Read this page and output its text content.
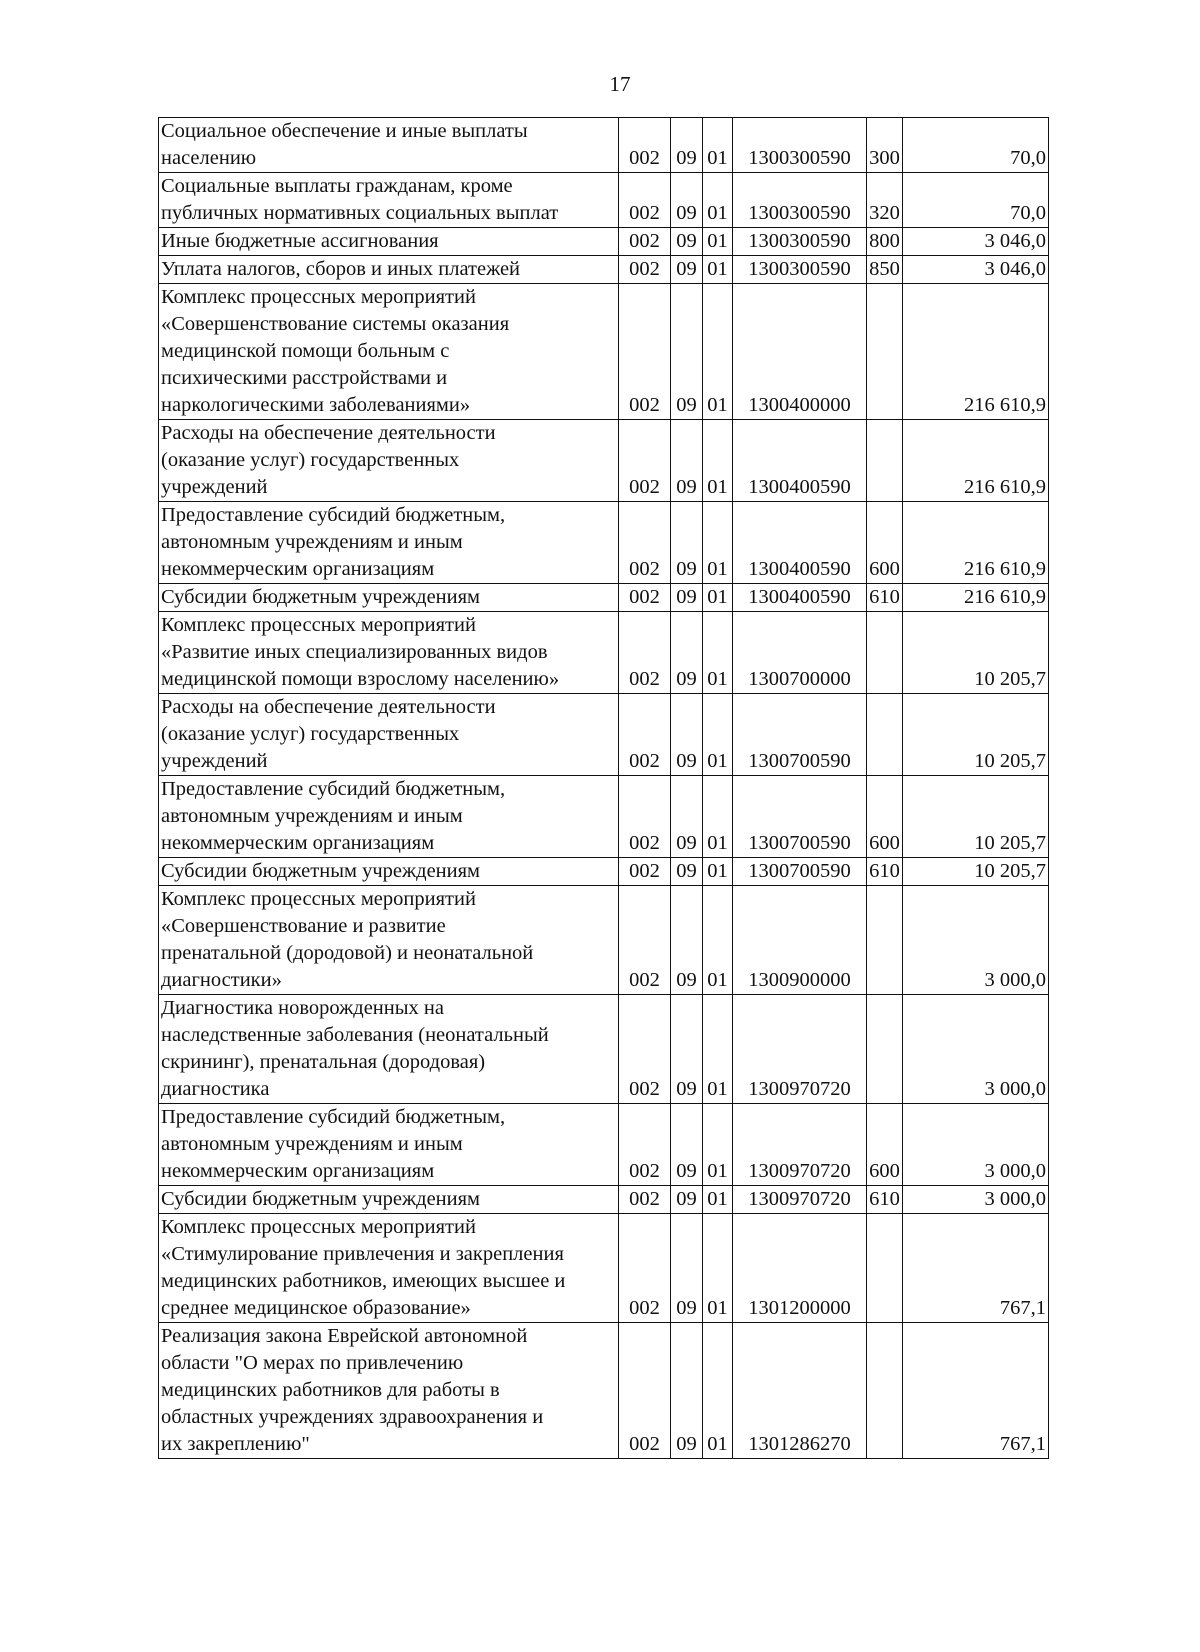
17
Социальное обеспечение и иные выплаты
населению	002	09	01	1300300590	300	70,0

Социальные выплаты гражданам, кроме
публичных нормативных социальных выплат	002	09	01	1300300590	320	70,0

Иные бюджетные ассигнования	002	09	01	1300300590	800	3 046,0

Уплата налогов, сборов и иных платежей	002	09	01	1300300590	850	3 046,0

Комплекс процессных мероприятий
«Совершенствование системы оказания
медицинской помощи больным с
психическими расстройствами и
наркологическими заболеваниями»	002	09	01	1300400000		216 610,9

Расходы на обеспечение деятельности
(оказание услуг) государственных
учреждений	002	09	01	1300400590		216 610,9

Предоставление субсидий бюджетным,
автономным учреждениям и иным
некоммерческим организациям	002	09	01	1300400590	600	216 610,9

Субсидии бюджетным учреждениям	002	09	01	1300400590	610	216 610,9

Комплекс процессных мероприятий
«Развитие иных специализированных видов
медицинской помощи взрослому населению»	002	09	01	1300700000		10 205,7

Расходы на обеспечение деятельности
(оказание услуг) государственных
учреждений	002	09	01	1300700590		10 205,7

Предоставление субсидий бюджетным,
автономным учреждениям и иным
некоммерческим организациям	002	09	01	1300700590	600	10 205,7

Субсидии бюджетным учреждениям	002	09	01	1300700590	610	10 205,7

Комплекс процессных мероприятий
«Совершенствование и развитие
пренатальной (дородовой) и неонатальной
диагностики»	002	09	01	1300900000		3 000,0

Диагностика новорожденных на
наследственные заболевания (неонатальный
скрининг), пренатальная (дородовая)
диагностика	002	09	01	1300970720		3 000,0

Предоставление субсидий бюджетным,
автономным учреждениям и иным
некоммерческим организациям	002	09	01	1300970720	600	3 000,0

Субсидии бюджетным учреждениям	002	09	01	1300970720	610	3 000,0

Комплекс процессных мероприятий
«Стимулирование привлечения и закрепления
медицинских работников, имеющих высшее и
среднее медицинское образование»	002	09	01	1301200000		767,1

Реализация закона Еврейской автономной
области "О мерах по привлечению
медицинских работников для работы в
областных учреждениях здравоохранения и
их закреплению"	002	09	01	1301286270		767,1
